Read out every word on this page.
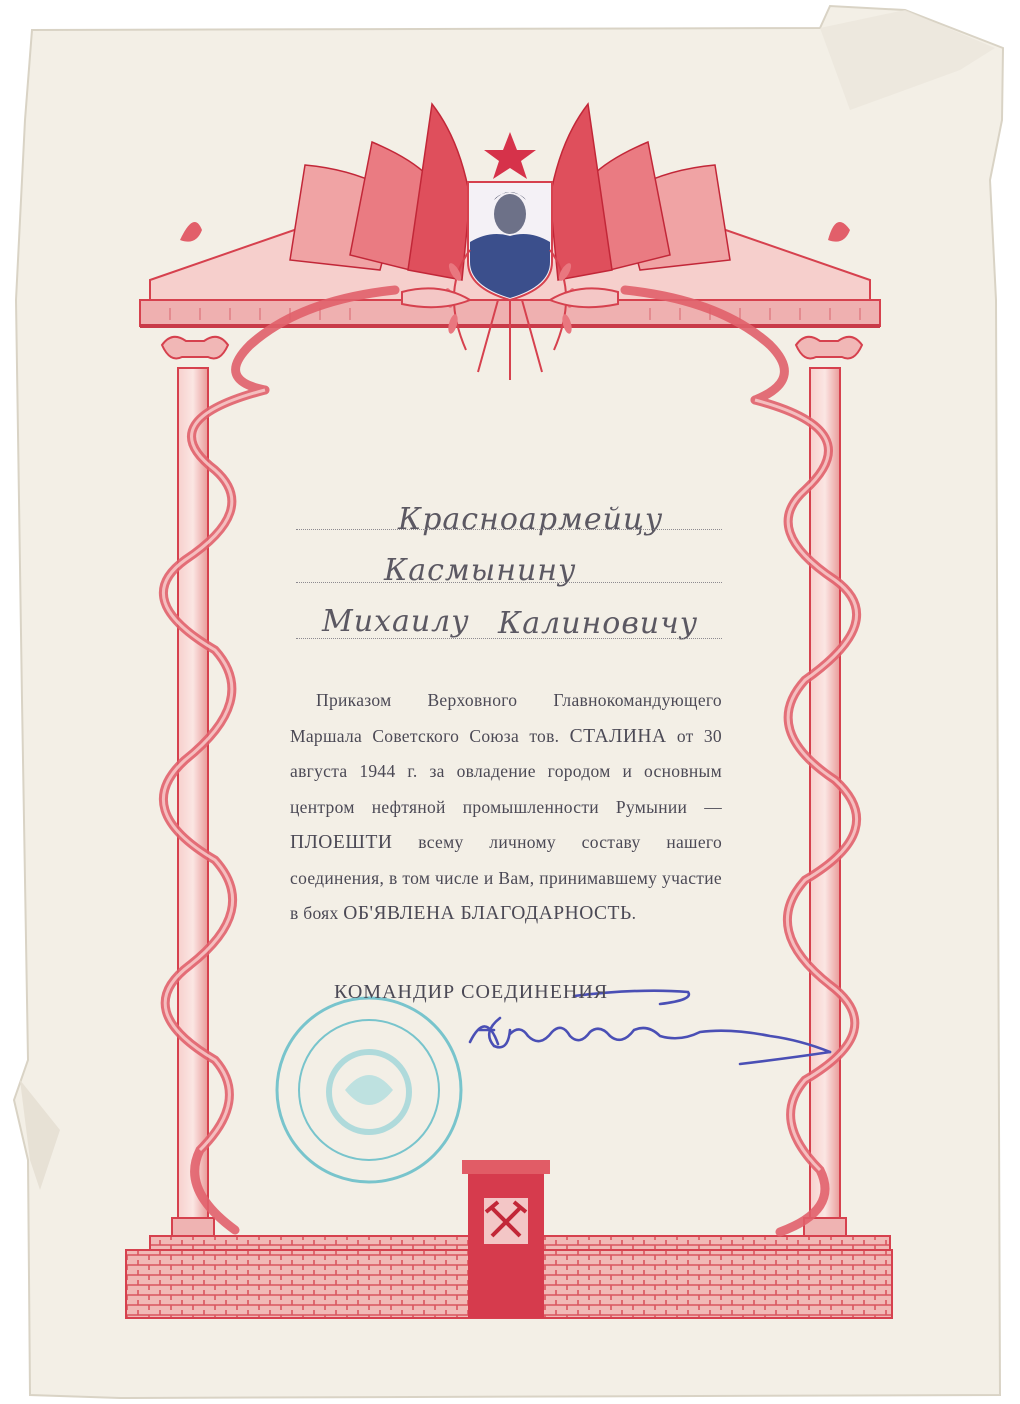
Красноармейцу
Касмынину
Михаилу Калиновичу
Приказом Верховного Главнокомандующего Маршала Советского Союза тов. СТАЛИНА от 30 августа 1944 г. за овладение городом и основным центром нефтяной промышленности Румынии — ПЛОЕШТИ всему личному составу нашего соединения, в том числе и Вам, принимавшему участие в боях ОБ'ЯВЛЕНА БЛАГОДАРНОСТЬ.
КОМАНДИР СОЕДИНЕНИЯ
